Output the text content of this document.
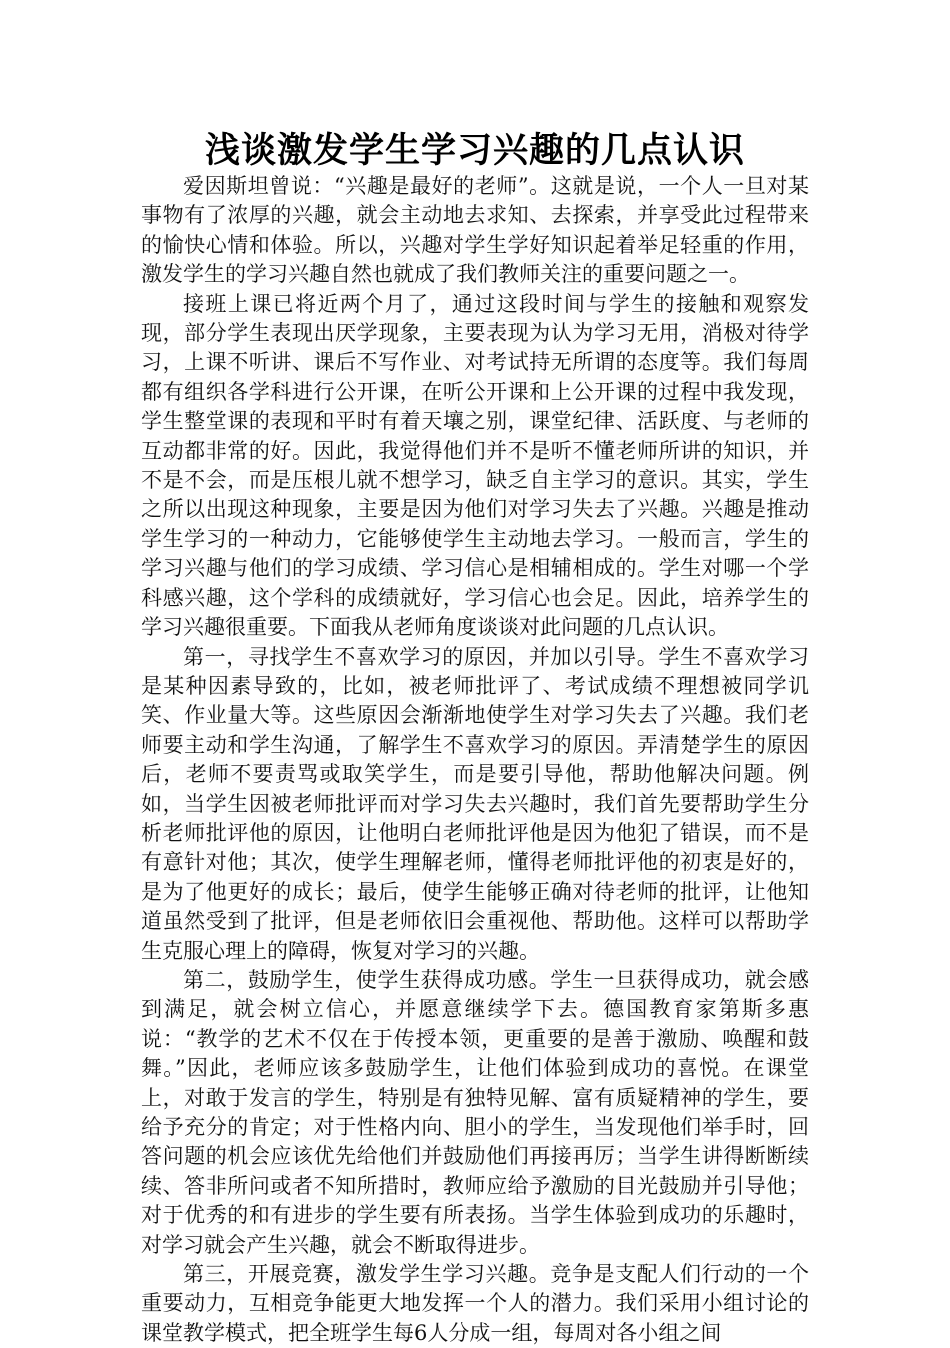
浅谈激发学生学习兴趣的几点认识

爱因斯坦曾说：“兴趣是最好的老师”。这就是说，一个人一旦对某事物有了浓厚的兴趣，就会主动地去求知、去探索，并享受此过程带来的愉快心情和体验。所以，兴趣对学生学好知识起着举足轻重的作用，激发学生的学习兴趣自然也就成了我们教师关注的重要问题之一。

接班上课已将近两个月了，通过这段时间与学生的接触和观察发现，部分学生表现出厌学现象，主要表现为认为学习无用，消极对待学习，上课不听讲、课后不写作业、对考试持无所谓的态度等。我们每周都有组织各学科进行公开课，在听公开课和上公开课的过程中我发现，学生整堂课的表现和平时有着天壤之别，课堂纪律、活跃度、与老师的互动都非常的好。因此，我觉得他们并不是听不懂老师所讲的知识，并不是不会，而是压根儿就不想学习，缺乏自主学习的意识。其实，学生之所以出现这种现象，主要是因为他们对学习失去了兴趣。兴趣是推动学生学习的一种动力，它能够使学生主动地去学习。一般而言，学生的学习兴趣与他们的学习成绩、学习信心是相辅相成的。学生对哪一个学科感兴趣，这个学科的成绩就好，学习信心也会足。因此，培养学生的学习兴趣很重要。下面我从老师角度谈谈对此问题的几点认识。

第一，寻找学生不喜欢学习的原因，并加以引导。学生不喜欢学习是某种因素导致的，比如，被老师批评了、考试成绩不理想被同学讥笑、作业量大等。这些原因会渐渐地使学生对学习失去了兴趣。我们老师要主动和学生沟通，了解学生不喜欢学习的原因。弄清楚学生的原因后，老师不要责骂或取笑学生，而是要引导他，帮助他解决问题。例如，当学生因被老师批评而对学习失去兴趣时，我们首先要帮助学生分析老师批评他的原因，让他明白老师批评他是因为他犯了错误，而不是有意针对他；其次，使学生理解老师，懂得老师批评他的初衷是好的，是为了他更好的成长；最后，使学生能够正确对待老师的批评，让他知道虽然受到了批评，但是老师依旧会重视他、帮助他。这样可以帮助学生克服心理上的障碍，恢复对学习的兴趣。

第二，鼓励学生，使学生获得成功感。学生一旦获得成功，就会感到满足，就会树立信心，并愿意继续学下去。德国教育家第斯多惠说：“教学的艺术不仅在于传授本领，更重要的是善于激励、唤醒和鼓舞。”因此，老师应该多鼓励学生，让他们体验到成功的喜悦。在课堂上，对敢于发言的学生，特别是有独特见解、富有质疑精神的学生，要给予充分的肯定；对于性格内向、胆小的学生，当发现他们举手时，回答问题的机会应该优先给他们并鼓励他们再接再厉；当学生讲得断断续续、答非所问或者不知所措时，教师应给予激励的目光鼓励并引导他；对于优秀的和有进步的学生要有所表扬。当学生体验到成功的乐趣时，对学习就会产生兴趣，就会不断取得进步。

第三，开展竞赛，激发学生学习兴趣。竞争是支配人们行动的一个重要动力，互相竞争能更大地发挥一个人的潜力。我们采用小组讨论的课堂教学模式，把全班学生每6人分成一组，每周对各小组之间
